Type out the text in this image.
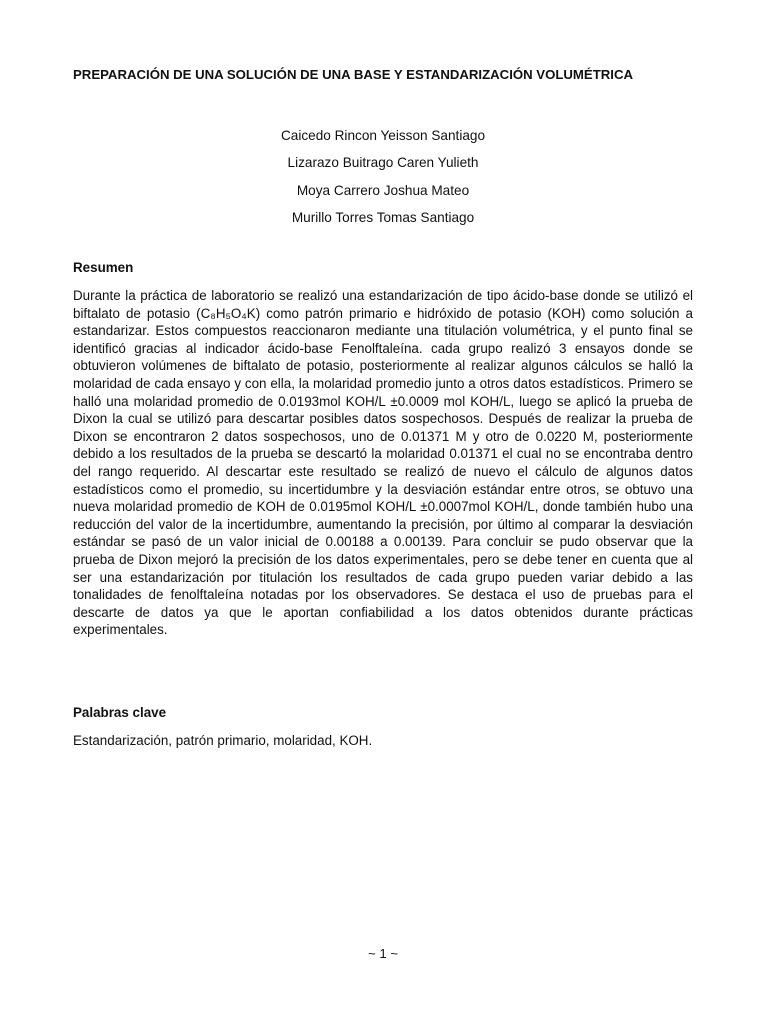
PREPARACIÓN DE UNA SOLUCIÓN DE UNA BASE Y ESTANDARIZACIÓN VOLUMÉTRICA
Caicedo Rincon Yeisson Santiago
Lizarazo Buitrago Caren Yulieth
Moya Carrero Joshua Mateo
Murillo Torres Tomas Santiago
Resumen

Durante la práctica de laboratorio se realizó una estandarización de tipo ácido-base donde se utilizó el biftalato de potasio (C₈H₅O₄K) como patrón primario e hidróxido de potasio (KOH) como solución a estandarizar. Estos compuestos reaccionaron mediante una titulación volumétrica, y el punto final se identificó gracias al indicador ácido-base Fenolftaleína. cada grupo realizó 3 ensayos donde se obtuvieron volúmenes de biftalato de potasio, posteriormente al realizar algunos cálculos se halló la molaridad de cada ensayo y con ella, la molaridad promedio junto a otros datos estadísticos. Primero se halló una molaridad promedio de 0.0193mol KOH/L ±0.0009 mol KOH/L, luego se aplicó la prueba de Dixon la cual se utilizó para descartar posibles datos sospechosos. Después de realizar la prueba de Dixon se encontraron 2 datos sospechosos, uno de 0.01371 M y otro de 0.0220 M, posteriormente debido a los resultados de la prueba se descartó la molaridad 0.01371 el cual no se encontraba dentro del rango requerido. Al descartar este resultado se realizó de nuevo el cálculo de algunos datos estadísticos como el promedio, su incertidumbre y la desviación estándar entre otros, se obtuvo una nueva molaridad promedio de KOH de 0.0195mol KOH/L ±0.0007mol KOH/L, donde también hubo una reducción del valor de la incertidumbre, aumentando la precisión, por último al comparar la desviación estándar se pasó de un valor inicial de 0.00188 a 0.00139. Para concluir se pudo observar que la prueba de Dixon mejoró la precisión de los datos experimentales, pero se debe tener en cuenta que al ser una estandarización por titulación los resultados de cada grupo pueden variar debido a las tonalidades de fenolftaleína notadas por los observadores. Se destaca el uso de pruebas para el descarte de datos ya que le aportan confiabilidad a los datos obtenidos durante prácticas experimentales.

Palabras clave
Estandarización, patrón primario, molaridad, KOH.
~ 1 ~
